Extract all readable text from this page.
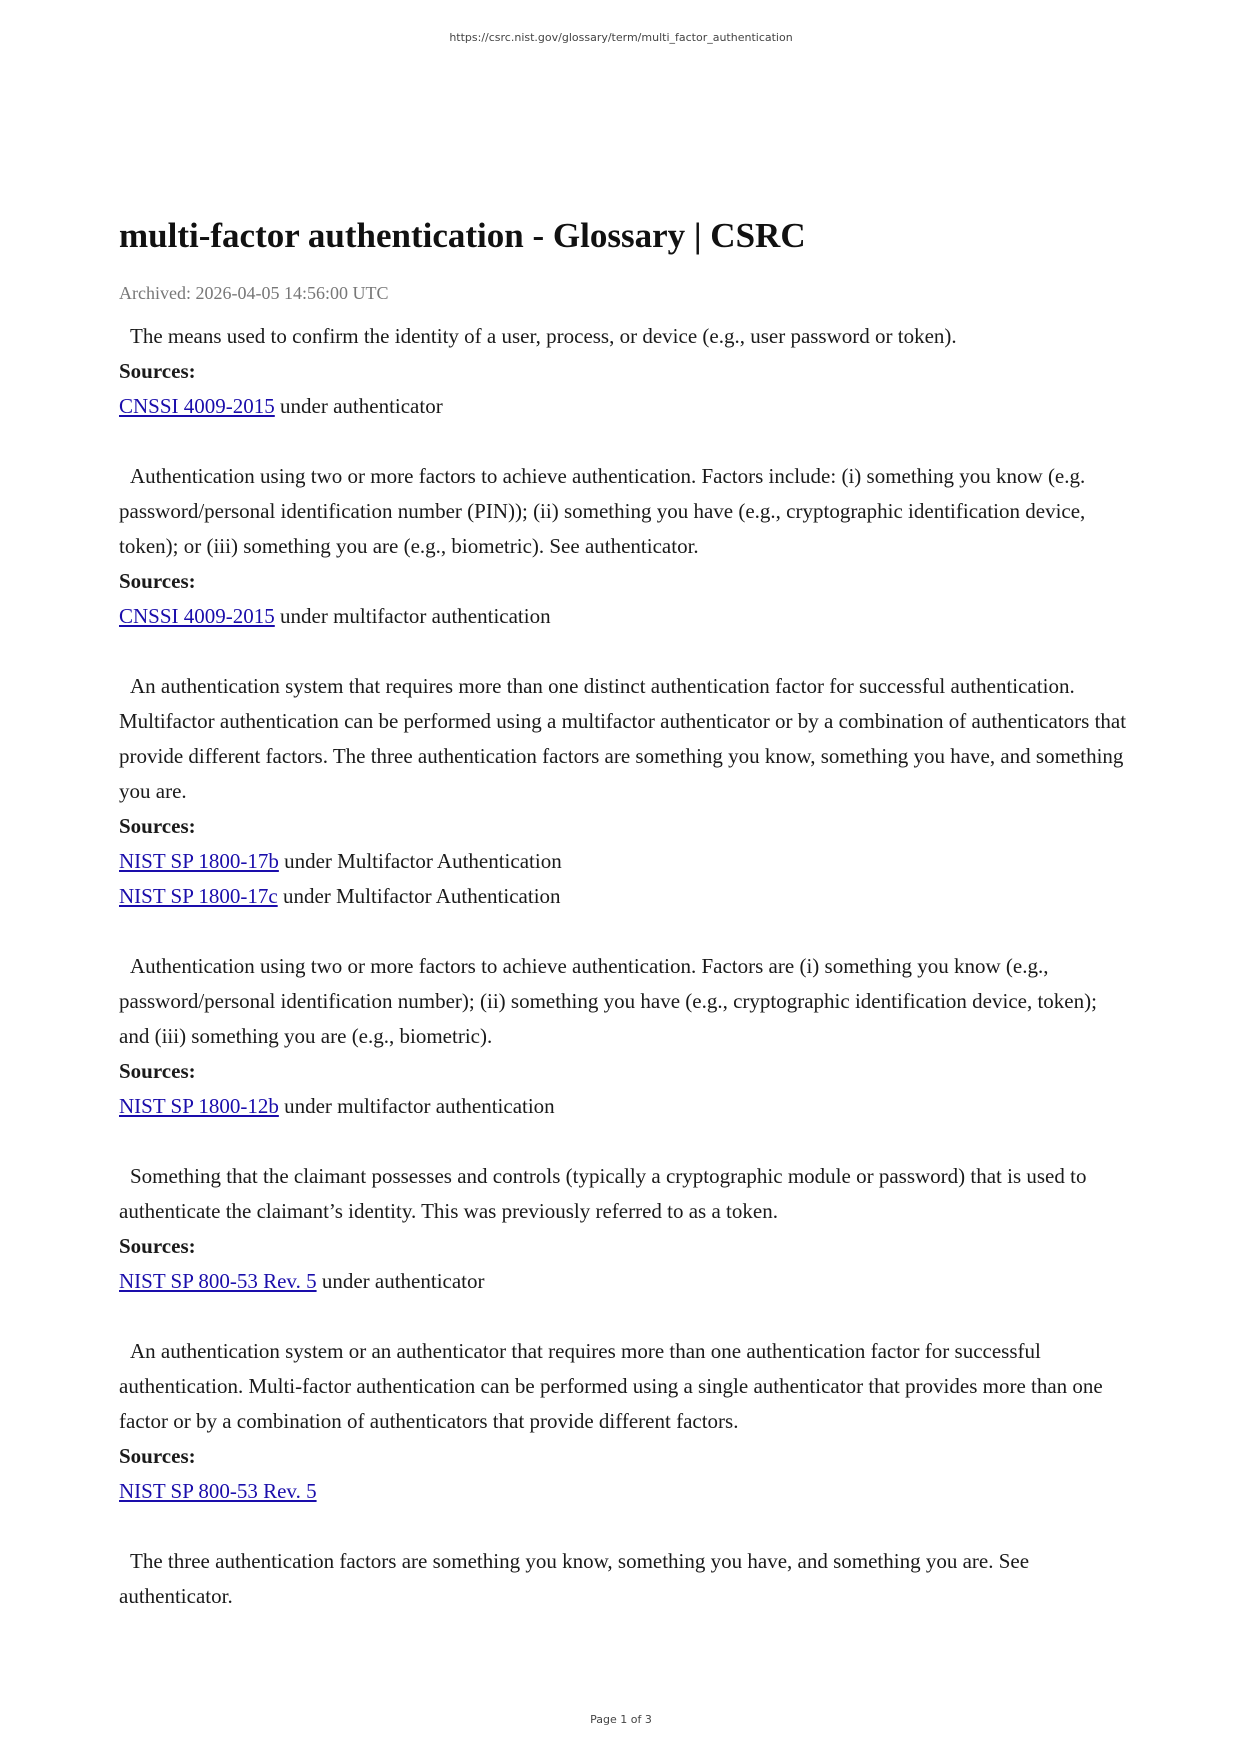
https://csrc.nist.gov/glossary/term/multi_factor_authentication
multi-factor authentication - Glossary | CSRC
Archived: 2026-04-05 14:56:00 UTC

The means used to confirm the identity of a user, process, or device (e.g., user password or token).

Sources:
CNSSI 4009-2015 under authenticator

Authentication using two or more factors to achieve authentication. Factors include: (i) something you know (e.g. password/personal identification number (PIN)); (ii) something you have (e.g., cryptographic identification device, token); or (iii) something you are (e.g., biometric). See authenticator.

Sources:
CNSSI 4009-2015 under multifactor authentication

An authentication system that requires more than one distinct authentication factor for successful authentication. Multifactor authentication can be performed using a multifactor authenticator or by a combination of authenticators that provide different factors. The three authentication factors are something you know, something you have, and something you are.

Sources:
NIST SP 1800-17b under Multifactor Authentication
NIST SP 1800-17c under Multifactor Authentication

Authentication using two or more factors to achieve authentication. Factors are (i) something you know (e.g., password/personal identification number); (ii) something you have (e.g., cryptographic identification device, token); and (iii) something you are (e.g., biometric).

Sources:
NIST SP 1800-12b under multifactor authentication

Something that the claimant possesses and controls (typically a cryptographic module or password) that is used to authenticate the claimant’s identity. This was previously referred to as a token.

Sources:
NIST SP 800-53 Rev. 5 under authenticator

An authentication system or an authenticator that requires more than one authentication factor for successful authentication. Multi-factor authentication can be performed using a single authenticator that provides more than one factor or by a combination of authenticators that provide different factors.

Sources:
NIST SP 800-53 Rev. 5

The three authentication factors are something you know, something you have, and something you are. See authenticator.

Page 1 of 3
